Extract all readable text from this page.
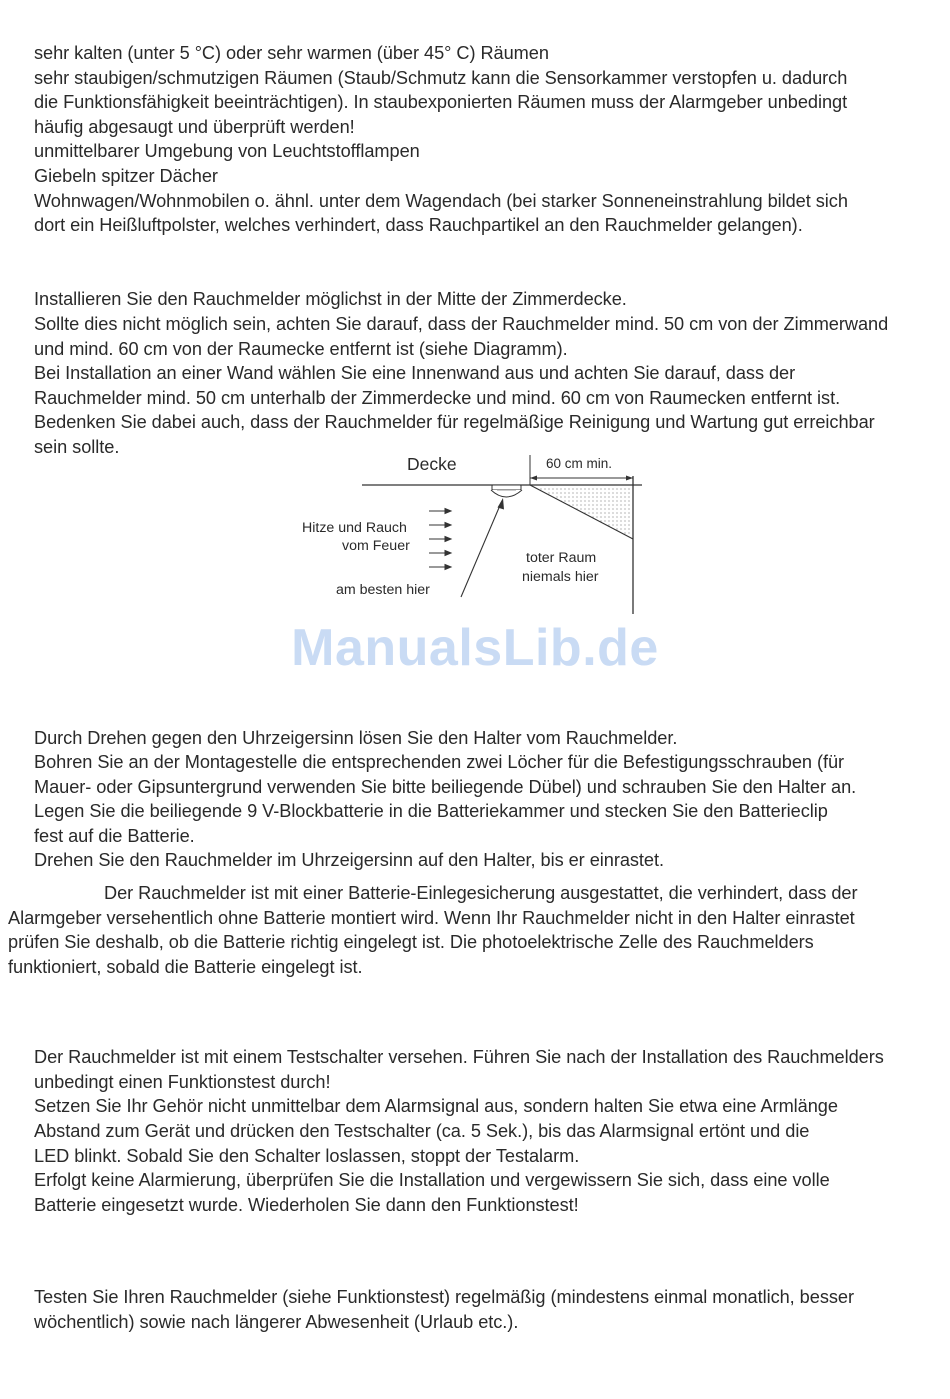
sehr kalten (unter 5 °C) oder sehr warmen (über 45° C) Räumen
sehr staubigen/schmutzigen Räumen (Staub/Schmutz kann die Sensorkammer verstopfen u. dadurch
die Funktionsfähigkeit beeinträchtigen). In staubexponierten Räumen muss der Alarmgeber unbedingt
häufig abgesaugt und überprüft werden!
unmittelbarer Umgebung von Leuchtstofflampen
Giebeln spitzer Dächer
Wohnwagen/Wohnmobilen o. ähnl. unter dem Wagendach (bei starker Sonneneinstrahlung bildet sich
dort ein Heißluftpolster, welches verhindert, dass Rauchpartikel an den Rauchmelder gelangen).
Installieren Sie den Rauchmelder möglichst in der Mitte der Zimmerdecke.
Sollte dies nicht möglich sein, achten Sie darauf, dass der Rauchmelder mind. 50 cm von der Zimmerwand
und mind. 60 cm von der Raumecke entfernt ist (siehe Diagramm).
Bei Installation an einer Wand wählen Sie eine Innenwand aus und achten Sie darauf, dass der
Rauchmelder mind. 50 cm unterhalb der Zimmerdecke und mind. 60 cm von Raumecken entfernt ist.
Bedenken Sie dabei auch, dass der Rauchmelder für regelmäßige Reinigung und Wartung gut erreichbar
sein sollte.
Decke	60 cm min.
Hitze und Rauch
vom Feuer
toter Raum
niemals hier
am besten hier
ManualsLib.de
Durch Drehen gegen den Uhrzeigersinn lösen Sie den Halter vom Rauchmelder.
Bohren Sie an der Montagestelle die entsprechenden zwei Löcher für die Befestigungsschrauben (für
Mauer- oder Gipsuntergrund verwenden Sie bitte beiliegende Dübel) und schrauben Sie den Halter an.
Legen Sie die beiliegende 9 V-Blockbatterie in die Batteriekammer und stecken Sie den Batterieclip
fest auf die Batterie.
Drehen Sie den Rauchmelder im Uhrzeigersinn auf den Halter, bis er einrastet.
Der Rauchmelder ist mit einer Batterie-Einlegesicherung ausgestattet, die verhindert, dass der
Alarmgeber versehentlich ohne Batterie montiert wird. Wenn Ihr Rauchmelder nicht in den Halter einrastet
prüfen Sie deshalb, ob die Batterie richtig eingelegt ist. Die photoelektrische Zelle des Rauchmelders
funktioniert, sobald die Batterie eingelegt ist.
Der Rauchmelder ist mit einem Testschalter versehen. Führen Sie nach der Installation des Rauchmelders
unbedingt einen Funktionstest durch!
Setzen Sie Ihr Gehör nicht unmittelbar dem Alarmsignal aus, sondern halten Sie etwa eine Armlänge
Abstand zum Gerät und drücken den Testschalter (ca. 5 Sek.), bis das Alarmsignal ertönt und die
LED blinkt. Sobald Sie den Schalter loslassen, stoppt der Testalarm.
Erfolgt keine Alarmierung, überprüfen Sie die Installation und vergewissern Sie sich, dass eine volle
Batterie eingesetzt wurde. Wiederholen Sie dann den Funktionstest!
Testen Sie Ihren Rauchmelder (siehe Funktionstest) regelmäßig (mindestens einmal monatlich, besser
wöchentlich) sowie nach längerer Abwesenheit (Urlaub etc.).
